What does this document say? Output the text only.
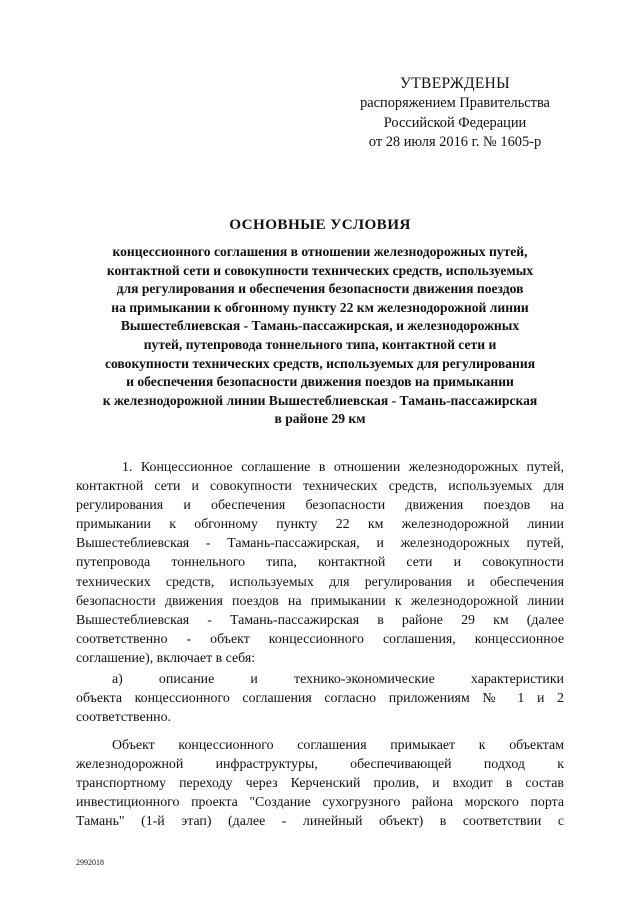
УТВЕРЖДЕНЫ
распоряжением Правительства
Российской Федерации
от 28 июля 2016 г. № 1605-р
ОСНОВНЫЕ УСЛОВИЯ
концессионного соглашения в отношении железнодорожных путей,
контактной сети и совокупности технических средств, используемых
для регулирования и обеспечения безопасности движения поездов
на примыкании к обгонному пункту 22 км железнодорожной линии
Вышестеблиевская - Тамань-пассажирская, и железнодорожных
путей, путепровода тоннельного типа, контактной сети и
совокупности технических средств, используемых для регулирования
и обеспечения безопасности движения поездов на примыкании
к железнодорожной линии Вышестеблиевская - Тамань-пассажирская
в районе 29 км
1. Концессионное соглашение в отношении железнодорожных путей,
контактной сети и совокупности технических средств, используемых для
регулирования и обеспечения безопасности движения поездов на
примыкании к обгонному пункту 22 км железнодорожной линии
Вышестеблиевская - Тамань-пассажирская, и железнодорожных путей,
путепровода тоннельного типа, контактной сети и совокупности
технических средств, используемых для регулирования и обеспечения
безопасности движения поездов на примыкании к железнодорожной линии
Вышестеблиевская - Тамань-пассажирская в районе 29 км (далее
соответственно - объект концессионного соглашения, концессионное
соглашение), включает в себя:
а) описание и технико-экономические характеристики
объекта концессионного соглашения согласно приложениям № 1 и 2
соответственно.
Объект концессионного соглашения примыкает к объектам
железнодорожной инфраструктуры, обеспечивающей подход к
транспортному переходу через Керченский пролив, и входит в состав
инвестиционного проекта "Создание сухогрузного района морского порта
Тамань" (1-й этап) (далее - линейный объект) в соответствии с
2992018
